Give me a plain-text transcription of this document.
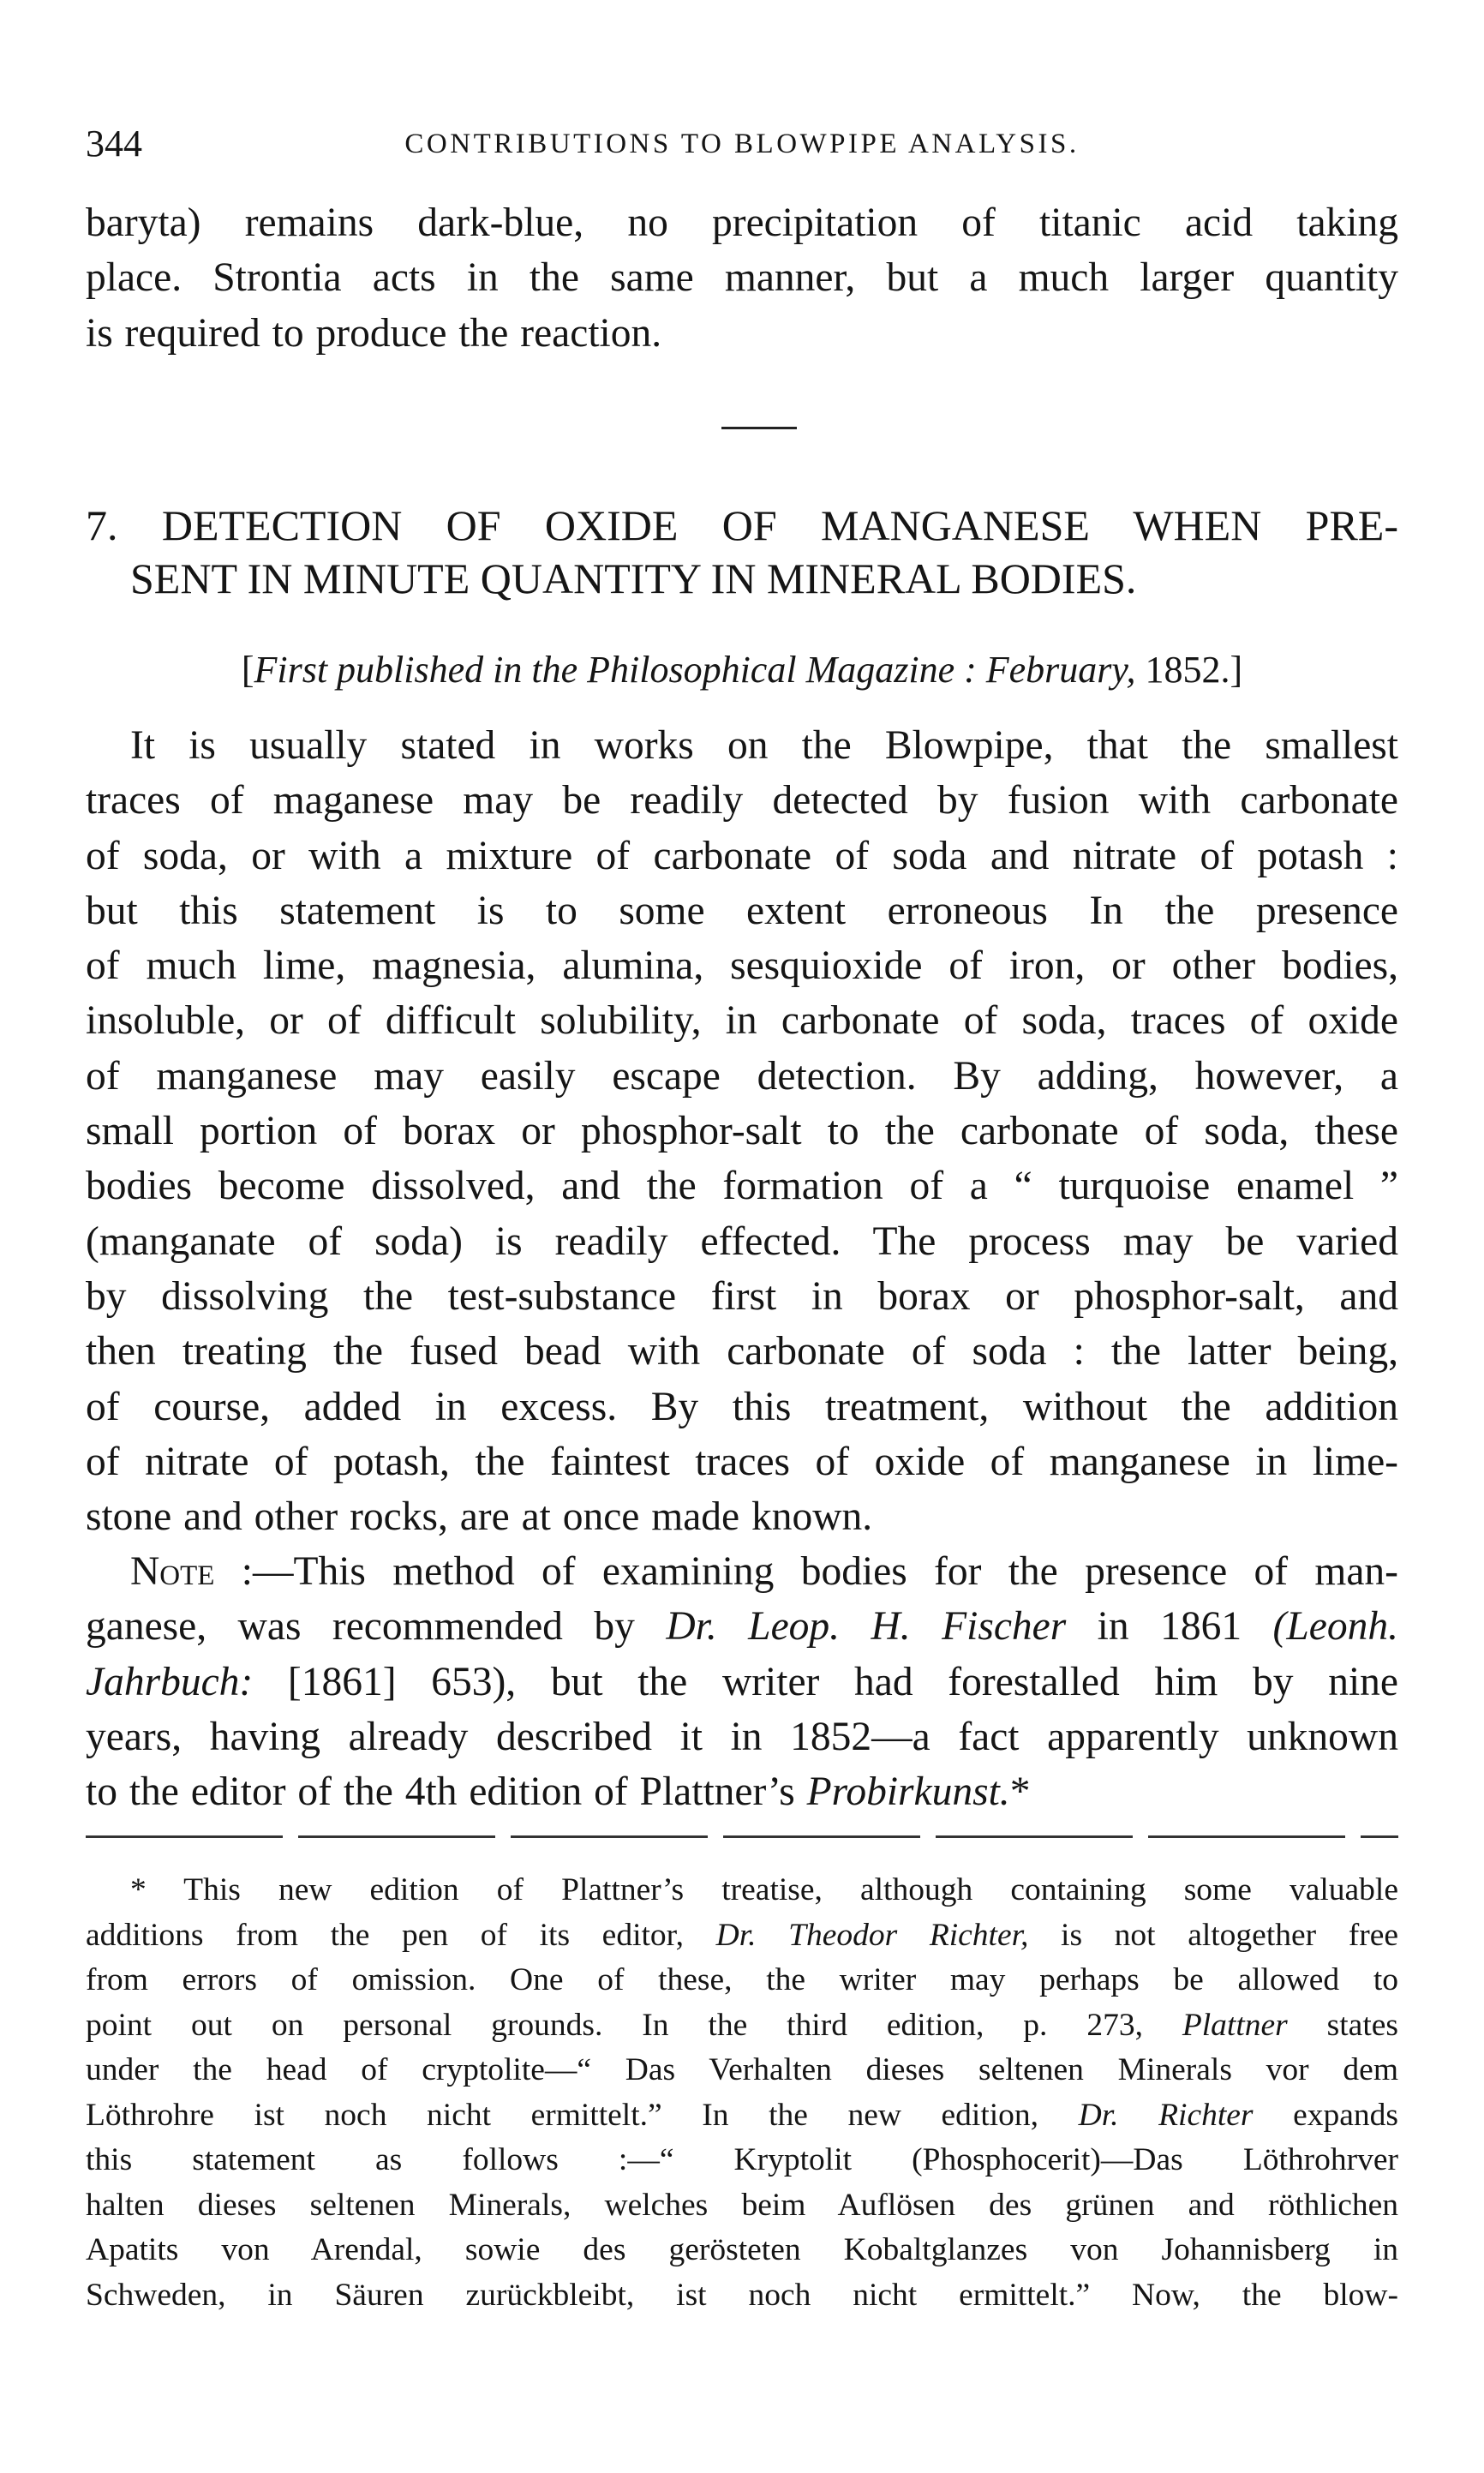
344	CONTRIBUTIONS TO BLOWPIPE ANALYSIS.

baryta) remains dark-blue, no precipitation of titanic acid taking
place. Strontia acts in the same manner, but a much larger quantity
is required to produce the reaction.

7. DETECTION OF OXIDE OF MANGANESE WHEN PRE-
SENT IN MINUTE QUANTITY IN MINERAL BODIES.

[First published in the Philosophical Magazine : February, 1852.]

It is usually stated in works on the Blowpipe, that the smallest
traces of maganese may be readily detected by fusion with carbonate
of soda, or with a mixture of carbonate of soda and nitrate of potash :
but this statement is to some extent erroneous In the presence
of much lime, magnesia, alumina, sesquioxide of iron, or other bodies,
insoluble, or of difficult solubility, in carbonate of soda, traces of oxide
of manganese may easily escape detection. By adding, however, a
small portion of borax or phosphor-salt to the carbonate of soda, these
bodies become dissolved, and the formation of a “ turquoise enamel ”
(manganate of soda) is readily effected. The process may be varied
by dissolving the test-substance first in borax or phosphor-salt, and
then treating the fused bead with carbonate of soda : the latter being,
of course, added in excess. By this treatment, without the addition
of nitrate of potash, the faintest traces of oxide of manganese in lime-
stone and other rocks, are at once made known.

Note :—This method of examining bodies for the presence of man-
ganese, was recommended by Dr. Leop. H. Fischer in 1861 (Leonh.
Jahrbuch: [1861] 653), but the writer had forestalled him by nine
years, having already described it in 1852—a fact apparently unknown
to the editor of the 4th edition of Plattner’s Probirkunst.*

* This new edition of Plattner’s treatise, although containing some valuable
additions from the pen of its editor, Dr. Theodor Richter, is not altogether free
from errors of omission. One of these, the writer may perhaps be allowed to
point out on personal grounds. In the third edition, p. 273, Plattner states
under the head of cryptolite—“ Das Verhalten dieses seltenen Minerals vor dem
Löthrohre ist noch nicht ermittelt.” In the new edition, Dr. Richter expands
this statement as follows :—“ Kryptolit (Phosphocerit)—Das Löthrohrver
halten dieses seltenen Minerals, welches beim Auflösen des grünen and röthlichen
Apatits von Arendal, sowie des gerösteten Kobaltglanzes von Johannisberg in
Schweden, in Säuren zurückbleibt, ist noch nicht ermittelt.” Now, the blow-
